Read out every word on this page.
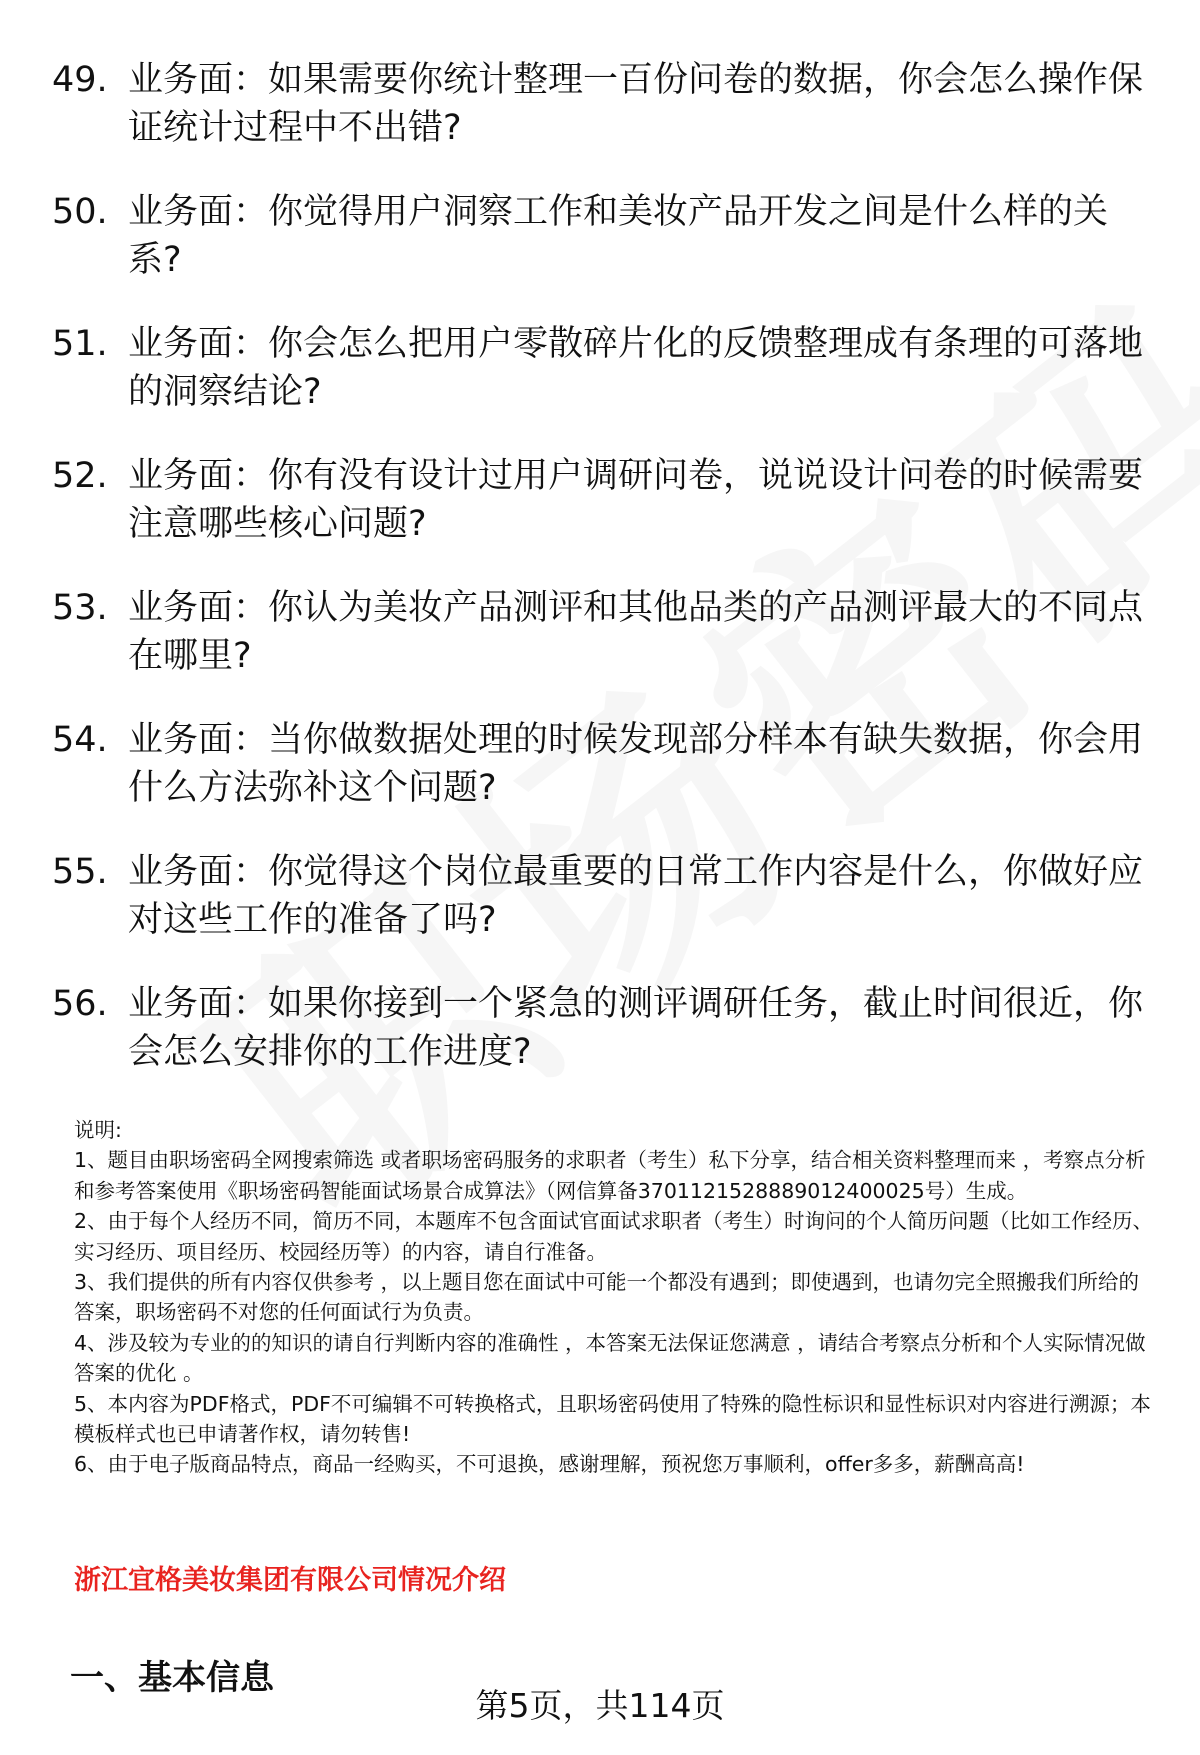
49. 业务面：如果需要你统计整理一百份问卷的数据，你会怎么操作保证统计过程中不出错?
50. 业务面：你觉得用户洞察工作和美妆产品开发之间是什么样的关系?
51. 业务面：你会怎么把用户零散碎片化的反馈整理成有条理的可落地的洞察结论?
52. 业务面：你有没有设计过用户调研问卷，说说设计问卷的时候需要注意哪些核心问题?
53. 业务面：你认为美妆产品测评和其他品类的产品测评最大的不同点在哪里?
54. 业务面：当你做数据处理的时候发现部分样本有缺失数据，你会用什么方法弥补这个问题?
55. 业务面：你觉得这个岗位最重要的日常工作内容是什么，你做好应对这些工作的准备了吗?
56. 业务面：如果你接到一个紧急的测评调研任务，截止时间很近，你会怎么安排你的工作进度?

说明:

1、题目由职场密码全网搜索筛选 或者职场密码服务的求职者（考生）私下分享，结合相关资料整理而来 ，考察点分析和参考答案使用《职场密码智能面试场景合成算法》（网信算备3701121528889012400025号）生成。

2、由于每个人经历不同，简历不同，本题库不包含面试官面试求职者（考生）时询问的个人简历问题（比如工作经历、实习经历、项目经历、校园经历等）的内容，请自行准备。

3、我们提供的所有内容仅供参考 ，以上题目您在面试中可能一个都没有遇到；即使遇到，也请勿完全照搬我们所给的答案，职场密码不对您的任何面试行为负责。

4、涉及较为专业的的知识的请自行判断内容的准确性 ，本答案无法保证您满意 ，请结合考察点分析和个人实际情况做答案的优化 。

5、本内容为PDF格式，PDF不可编辑不可转换格式，且职场密码使用了特殊的隐性标识和显性标识对内容进行溯源；本模板样式也已申请著作权，请勿转售!

6、由于电子版商品特点，商品一经购买，不可退换，感谢理解，预祝您万事顺利，offer多多，薪酬高高!

浙江宜格美妆集团有限公司情况介绍
一、基本信息
第5页，共114页
